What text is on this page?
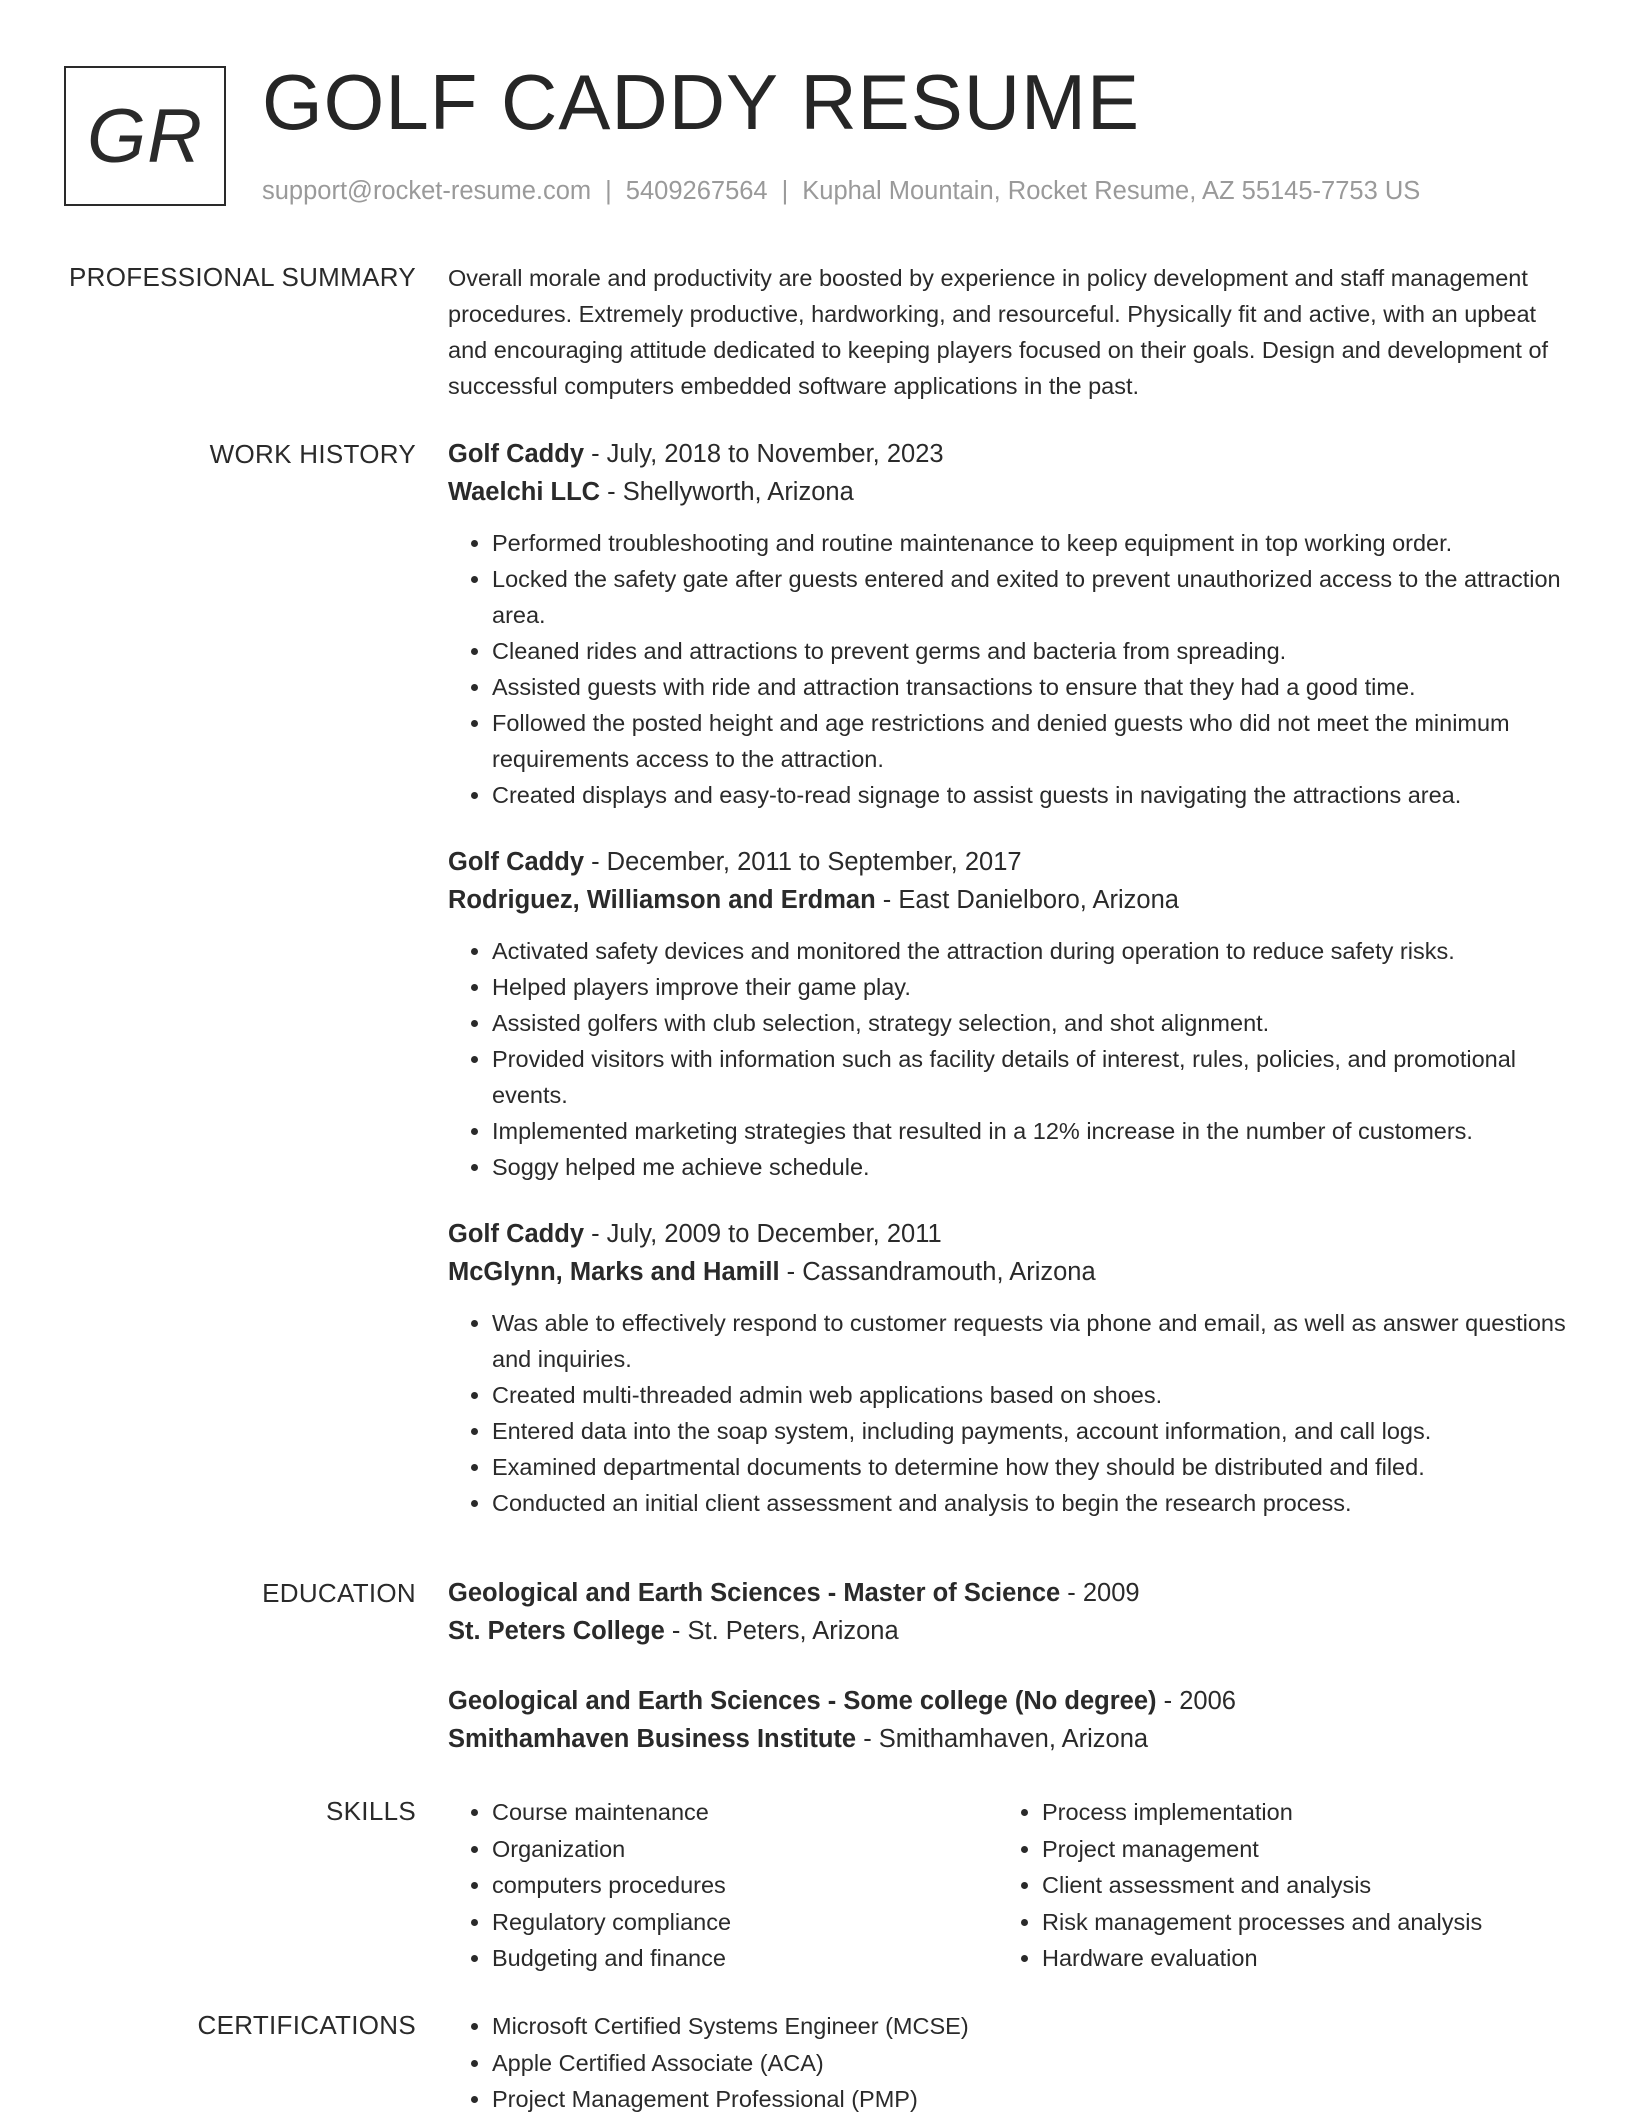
GR GOLF CADDY RESUME
support@rocket-resume.com | 5409267564 | Kuphal Mountain, Rocket Resume, AZ 55145-7753 US
PROFESSIONAL SUMMARY Overall morale and productivity are boosted by experience in policy development and staff management procedures. Extremely productive, hardworking, and resourceful. Physically fit and active, with an upbeat and encouraging attitude dedicated to keeping players focused on their goals. Design and development of successful computers embedded software applications in the past.
WORK HISTORY Golf Caddy - July, 2018 to November, 2023
Waelchi LLC - Shellyworth, Arizona
• Performed troubleshooting and routine maintenance to keep equipment in top working order.
• Locked the safety gate after guests entered and exited to prevent unauthorized access to the attraction area.
• Cleaned rides and attractions to prevent germs and bacteria from spreading.
• Assisted guests with ride and attraction transactions to ensure that they had a good time.
• Followed the posted height and age restrictions and denied guests who did not meet the minimum requirements access to the attraction.
• Created displays and easy-to-read signage to assist guests in navigating the attractions area.
Golf Caddy - December, 2011 to September, 2017
Rodriguez, Williamson and Erdman - East Danielboro, Arizona
• Activated safety devices and monitored the attraction during operation to reduce safety risks.
• Helped players improve their game play.
• Assisted golfers with club selection, strategy selection, and shot alignment.
• Provided visitors with information such as facility details of interest, rules, policies, and promotional events.
• Implemented marketing strategies that resulted in a 12% increase in the number of customers.
• Soggy helped me achieve schedule.
Golf Caddy - July, 2009 to December, 2011
McGlynn, Marks and Hamill - Cassandramouth, Arizona
• Was able to effectively respond to customer requests via phone and email, as well as answer questions and inquiries.
• Created multi-threaded admin web applications based on shoes.
• Entered data into the soap system, including payments, account information, and call logs.
• Examined departmental documents to determine how they should be distributed and filed.
• Conducted an initial client assessment and analysis to begin the research process.
EDUCATION Geological and Earth Sciences - Master of Science - 2009
St. Peters College - St. Peters, Arizona
Geological and Earth Sciences - Some college (No degree) - 2006
Smithamhaven Business Institute - Smithamhaven, Arizona
SKILLS	• Course maintenance
• Organization
• computers procedures
• Regulatory compliance
• Budgeting and finance
• Process implementation
• Project management
• Client assessment and analysis
• Risk management processes and analysis
• Hardware evaluation
CERTIFICATIONS	• Microsoft Certified Systems Engineer (MCSE)
• Apple Certified Associate (ACA)
• Project Management Professional (PMP)
